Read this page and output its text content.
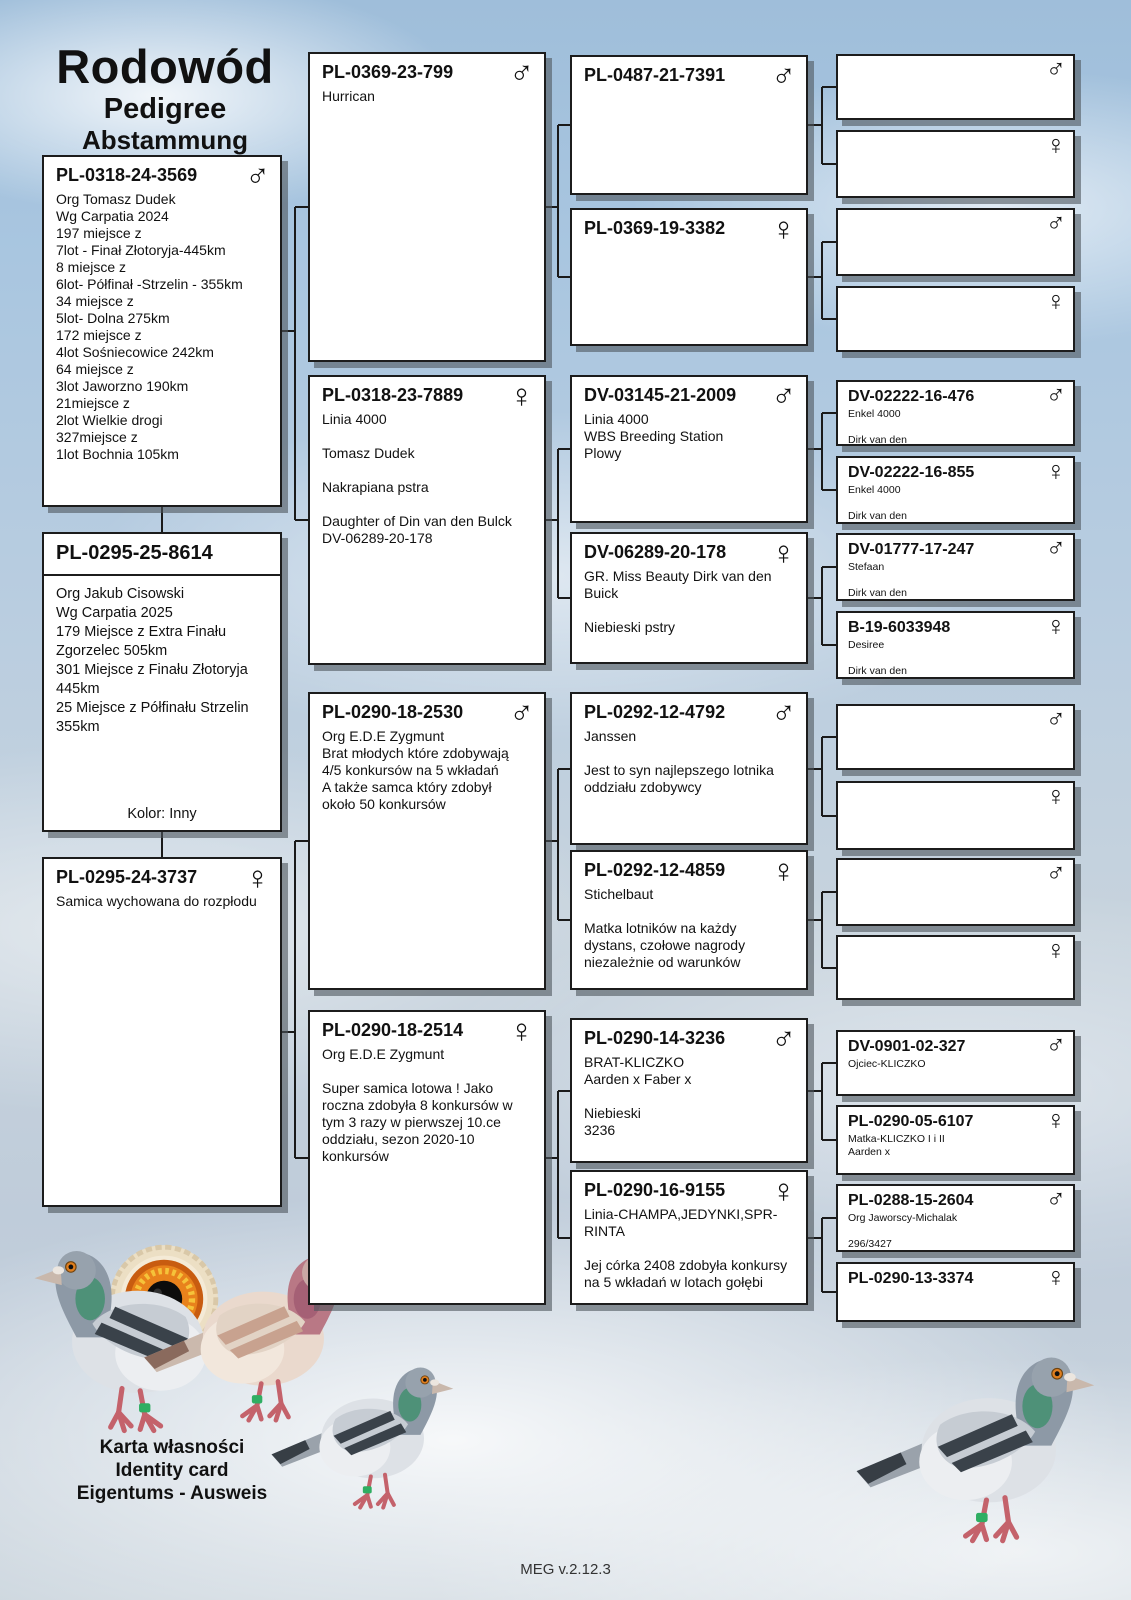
Rodowód
Pedigree
Abstammung
PL-0318-24-3569	♂
Org Tomasz Dudek
Wg Carpatia 2024
197 miejsce z
7lot - Finał Złotoryja-445km
8 miejsce z
6lot- Półfinał -Strzelin - 355km
34 miejsce z
5lot- Dolna 275km
172 miejsce z
4lot Sośniecowice 242km
64 miejsce z
3lot Jaworzno 190km
21miejsce z
2lot Wielkie drogi
327miejsce z
1lot Bochnia 105km
PL-0295-25-8614
Org Jakub Cisowski
Wg Carpatia 2025
179 Miejsce z Extra Finału
Zgorzelec 505km
301 Miejsce z Finału Złotoryja
445km
25 Miejsce z Półfinału Strzelin
355km
Kolor: Inny
PL-0295-24-3737	♀
Samica wychowana do rozpłodu
PL-0369-23-799	♂
Hurrican
PL-0318-23-7889	♀
Linia 4000
Tomasz Dudek
Nakrapiana pstra
Daughter of Din van den Bulck
DV-06289-20-178
PL-0290-18-2530	♂
Org E.D.E Zygmunt
Brat młodych które zdobywają
4/5 konkursów na 5 wkładań
A także samca który zdobył
około 50 konkursów
PL-0290-18-2514	♀
Org E.D.E Zygmunt
Super samica lotowa ! Jako
roczna zdobyła 8 konkursów w
tym 3 razy w pierwszej 10.ce
oddziału, sezon 2020-10
konkursów
PL-0487-21-7391	♂
PL-0369-19-3382	♀
DV-03145-21-2009	♂
Linia 4000
WBS Breeding Station
Plowy
DV-06289-20-178	♀
GR. Miss Beauty Dirk van den
Buick
Niebieski pstry
PL-0292-12-4792	♂
Janssen
Jest to syn najlepszego lotnika
oddziału zdobywcy
PL-0292-12-4859	♀
Stichelbaut
Matka lotników na każdy
dystans, czołowe nagrody
niezależnie od warunków
PL-0290-14-3236	♂
BRAT-KLICZKO
Aarden x Faber x
Niebieski
3236
PL-0290-16-9155	♀
Linia-CHAMPA,JEDYNKI,SPR-
RINTA
Jej córka 2408 zdobyła konkursy
na 5 wkładań w lotach gołębi
♂
♀
♂
♀
DV-02222-16-476	♂
Enkel 4000
Dirk van den
DV-02222-16-855	♀
Enkel 4000
Dirk van den
DV-01777-17-247	♂
Stefaan
Dirk van den
B-19-6033948	♀
Desiree
Dirk van den
♂
♀
♂
♀
DV-0901-02-327	♂
Ojciec-KLICZKO
PL-0290-05-6107	♀
Matka-KLICZKO I i II
Aarden x
PL-0288-15-2604	♂
Org Jaworscy-Michalak
296/3427
PL-0290-13-3374	♀
Karta własności
Identity card
Eigentums - Ausweis
MEG v.2.12.3
